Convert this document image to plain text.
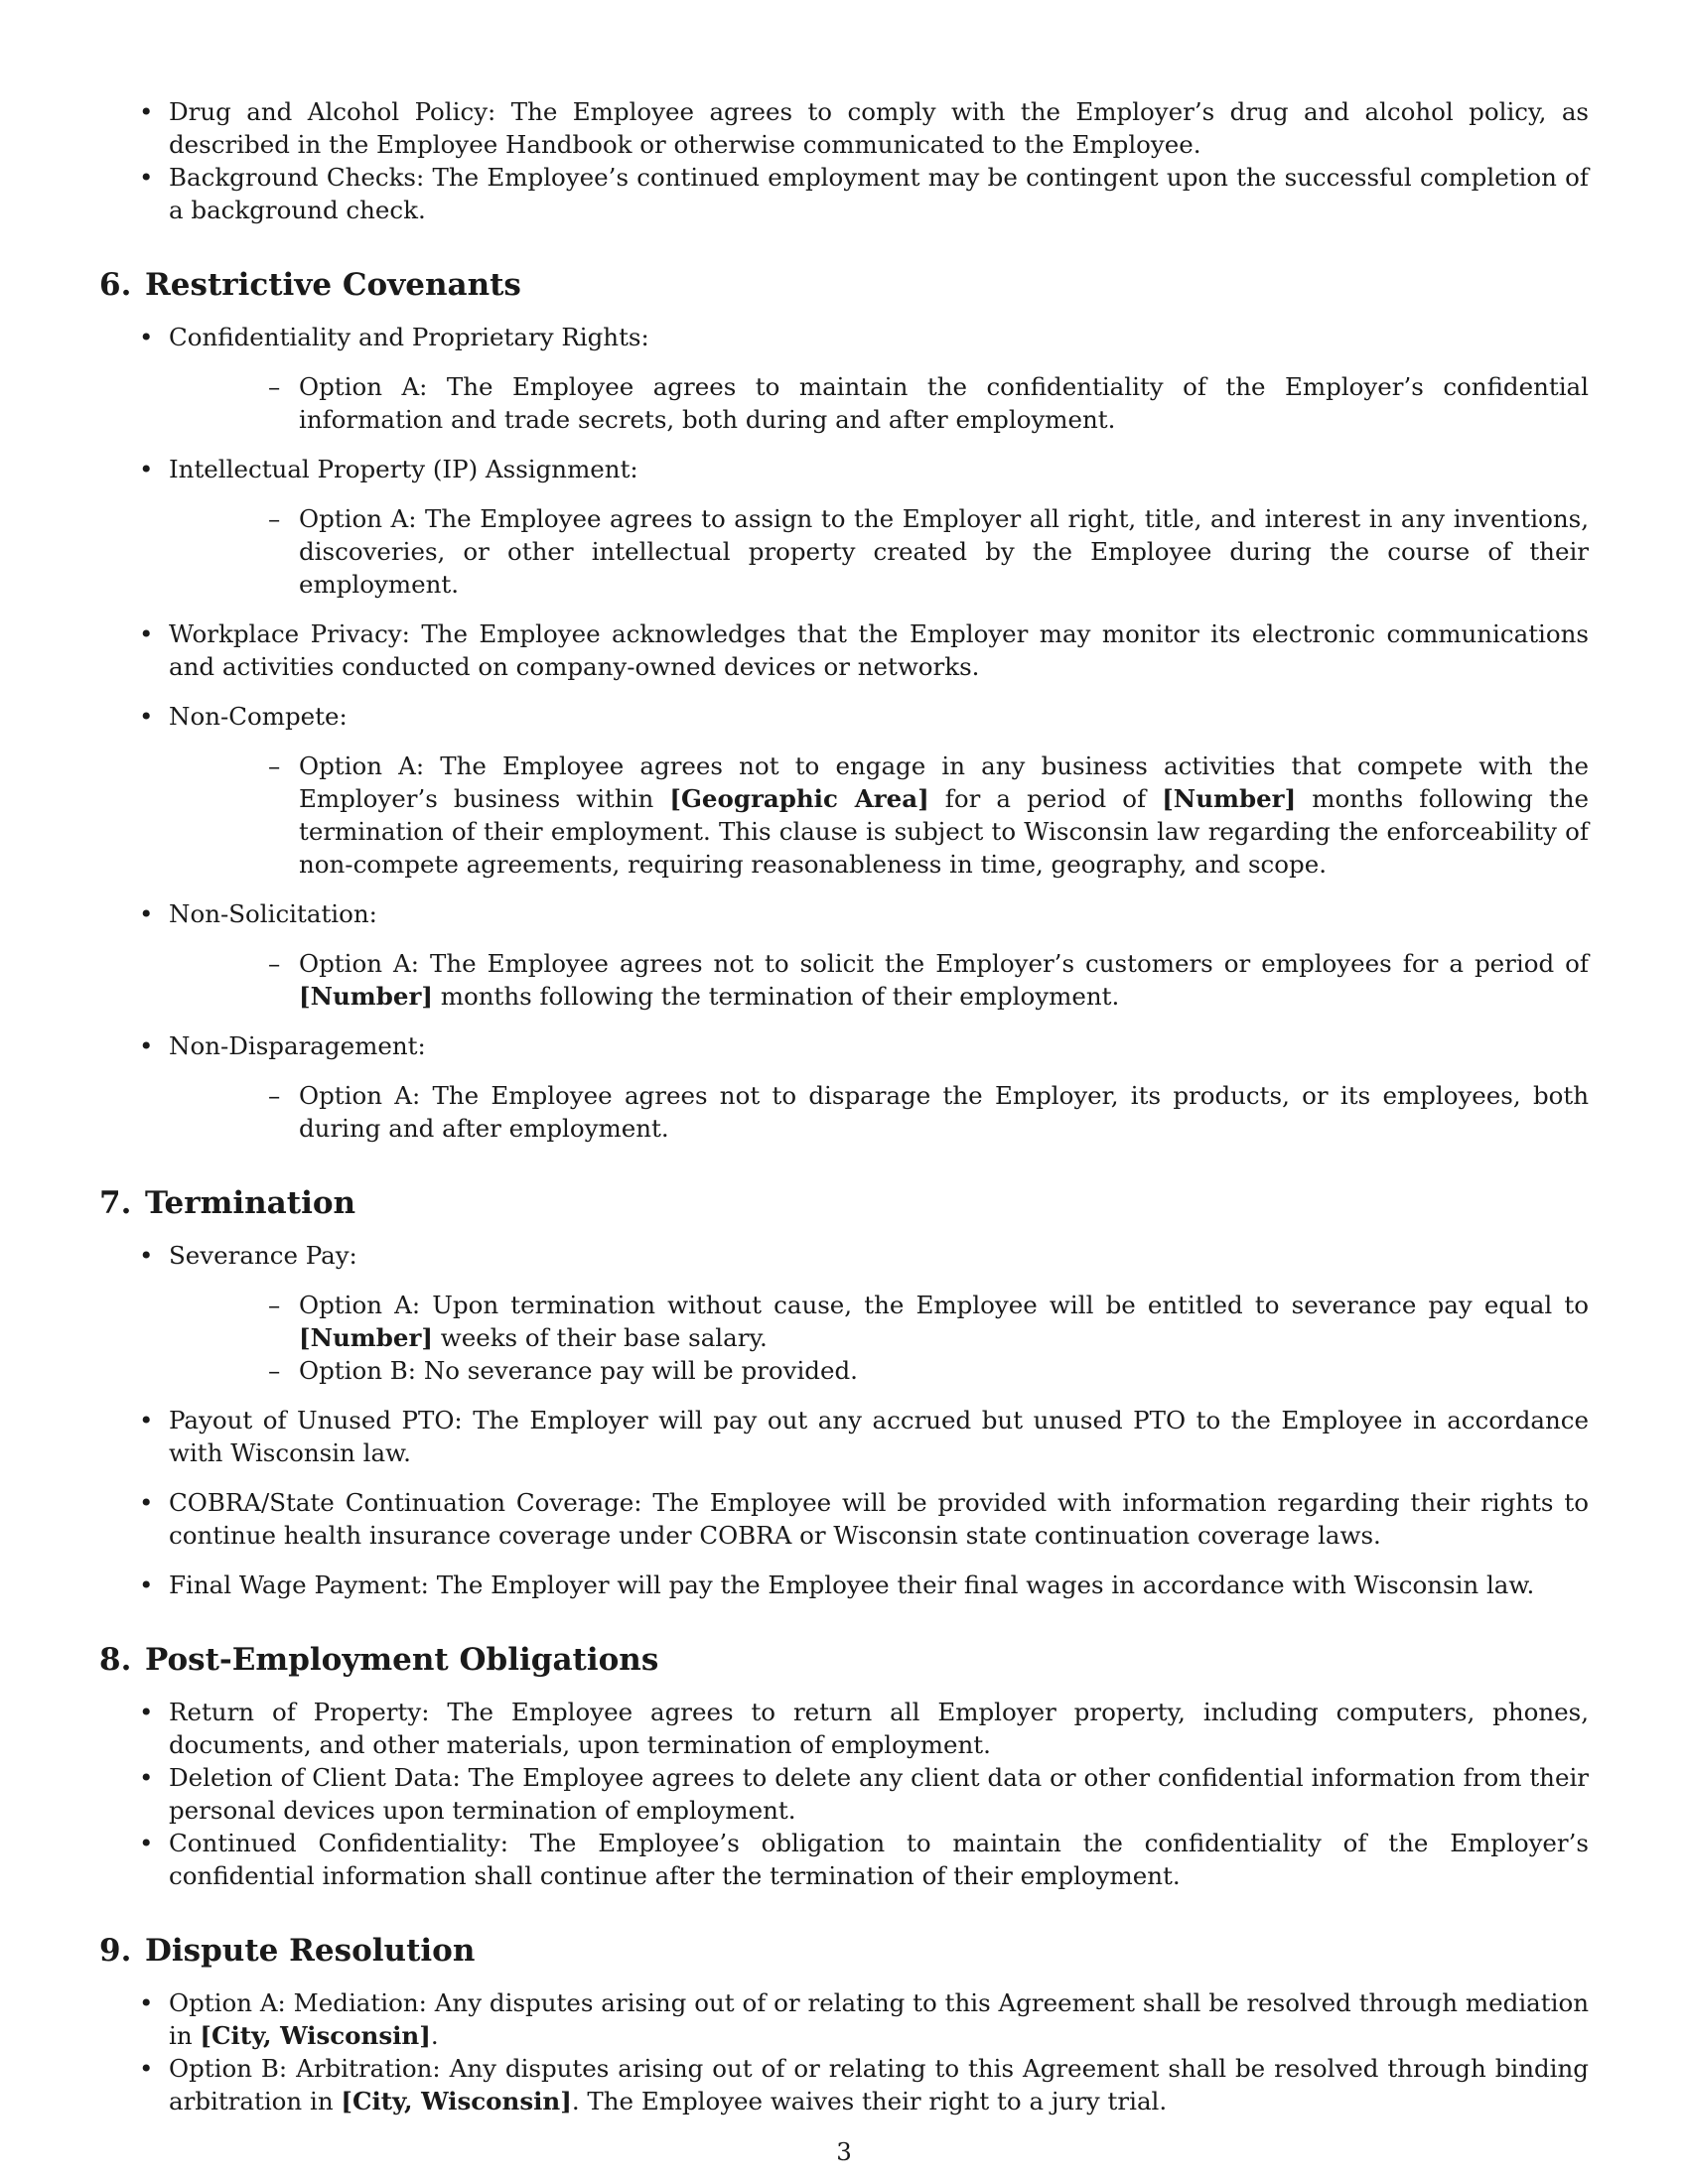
• Drug and Alcohol Policy: The Employee agrees to comply with the Employer’s drug and alcohol policy, as described in the Employee Handbook or otherwise communicated to the Employee.
• Background Checks: The Employee’s continued employment may be contingent upon the successful completion of a background check.
6. Restrictive Covenants
• Confidentiality and Proprietary Rights:
– Option A: The Employee agrees to maintain the confidentiality of the Employer’s confidential information and trade secrets, both during and after employment.
• Intellectual Property (IP) Assignment:
– Option A: The Employee agrees to assign to the Employer all right, title, and interest in any inventions, discoveries, or other intellectual property created by the Employee during the course of their employment.
• Workplace Privacy: The Employee acknowledges that the Employer may monitor its electronic communications and activities conducted on company-owned devices or networks.
• Non-Compete:
– Option A: The Employee agrees not to engage in any business activities that compete with the Employer’s business within [Geographic Area] for a period of [Number] months following the termination of their employment. This clause is subject to Wisconsin law regarding the enforceability of non-compete agreements, requiring reasonableness in time, geography, and scope.
• Non-Solicitation:
– Option A: The Employee agrees not to solicit the Employer’s customers or employees for a period of [Number] months following the termination of their employment.
• Non-Disparagement:
– Option A: The Employee agrees not to disparage the Employer, its products, or its employees, both during and after employment.
7. Termination
• Severance Pay:
– Option A: Upon termination without cause, the Employee will be entitled to severance pay equal to [Number] weeks of their base salary.
– Option B: No severance pay will be provided.
• Payout of Unused PTO: The Employer will pay out any accrued but unused PTO to the Employee in accordance with Wisconsin law.
• COBRA/State Continuation Coverage: The Employee will be provided with information regarding their rights to continue health insurance coverage under COBRA or Wisconsin state continuation coverage laws.
• Final Wage Payment: The Employer will pay the Employee their final wages in accordance with Wisconsin law.
8. Post-Employment Obligations
• Return of Property: The Employee agrees to return all Employer property, including computers, phones, documents, and other materials, upon termination of employment.
• Deletion of Client Data: The Employee agrees to delete any client data or other confidential information from their personal devices upon termination of employment.
• Continued Confidentiality: The Employee’s obligation to maintain the confidentiality of the Employer’s confidential information shall continue after the termination of their employment.
9. Dispute Resolution
• Option A: Mediation: Any disputes arising out of or relating to this Agreement shall be resolved through mediation in [City, Wisconsin].
• Option B: Arbitration: Any disputes arising out of or relating to this Agreement shall be resolved through binding arbitration in [City, Wisconsin]. The Employee waives their right to a jury trial.
3
